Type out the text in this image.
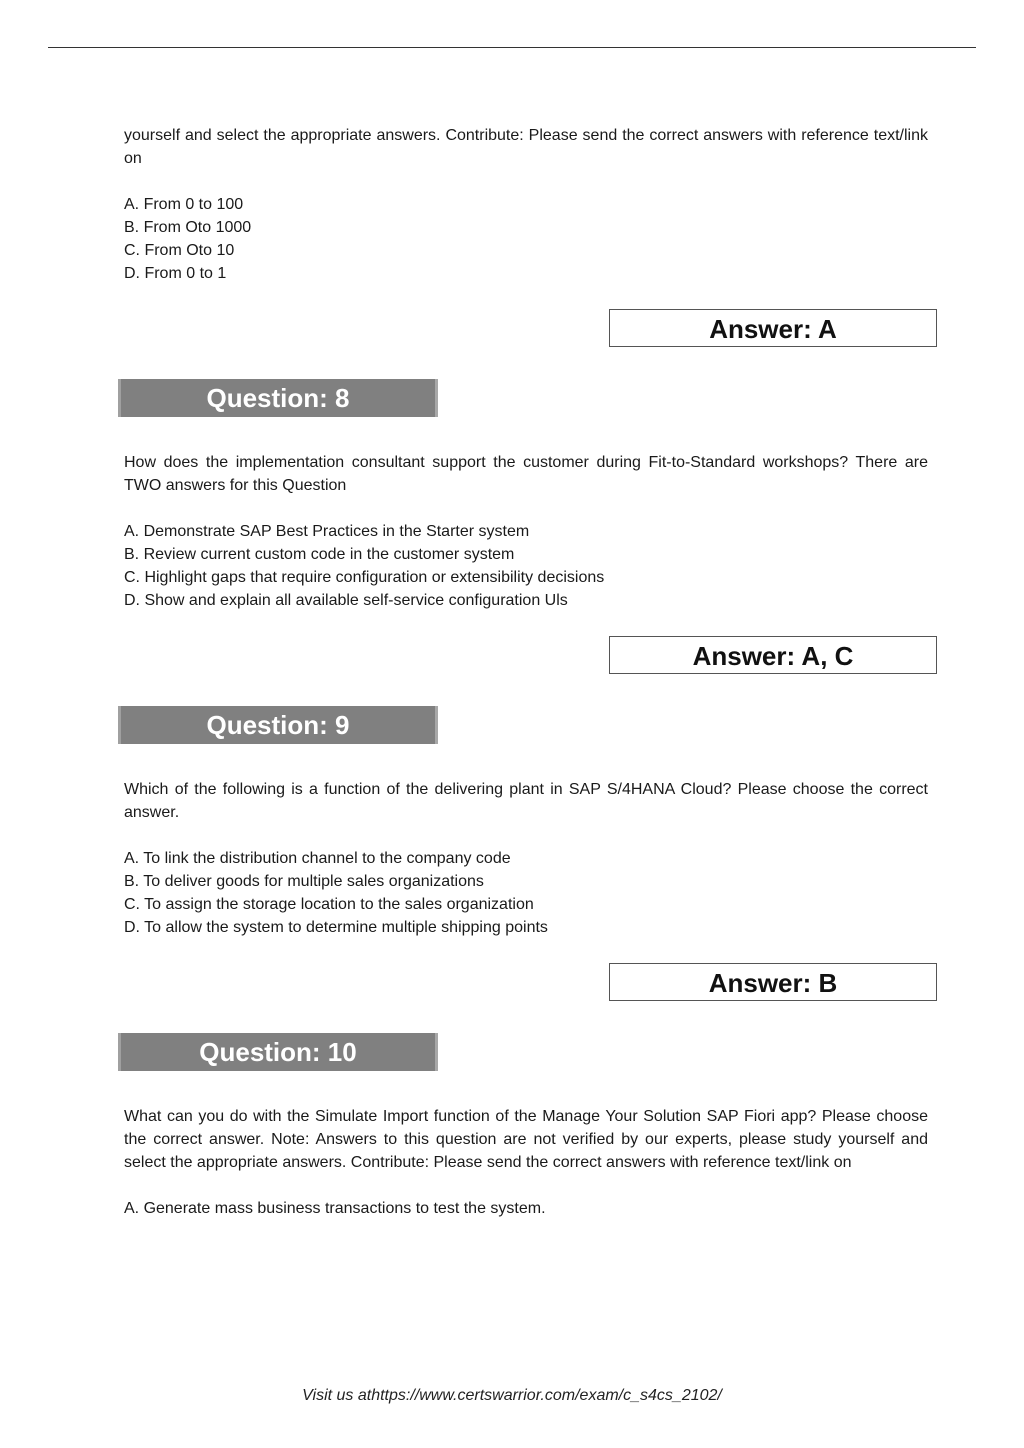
yourself and select the appropriate answers. Contribute: Please send the correct answers with reference text/link on

A. From 0 to 100
B. From Oto 1000
C. From Oto 10
D. From 0 to 1
Answer: A
Question: 8

How does the implementation consultant support the customer during Fit-to-Standard workshops? There are TWO answers for this Question

A. Demonstrate SAP Best Practices in the Starter system
B. Review current custom code in the customer system
C. Highlight gaps that require configuration or extensibility decisions
D. Show and explain all available self-service configuration Uls
Answer: A, C
Question: 9

Which of the following is a function of the delivering plant in SAP S/4HANA Cloud? Please choose the correct answer.

A. To link the distribution channel to the company code
B. To deliver goods for multiple sales organizations
C. To assign the storage location to the sales organization
D. To allow the system to determine multiple shipping points
Answer: B
Question: 10

What can you do with the Simulate Import function of the Manage Your Solution SAP Fiori app? Please choose the correct answer. Note: Answers to this question are not verified by our experts, please study yourself and select the appropriate answers. Contribute: Please send the correct answers with reference text/link on

A. Generate mass business transactions to test the system.
Visit us athttps://www.certswarrior.com/exam/c_s4cs_2102/
